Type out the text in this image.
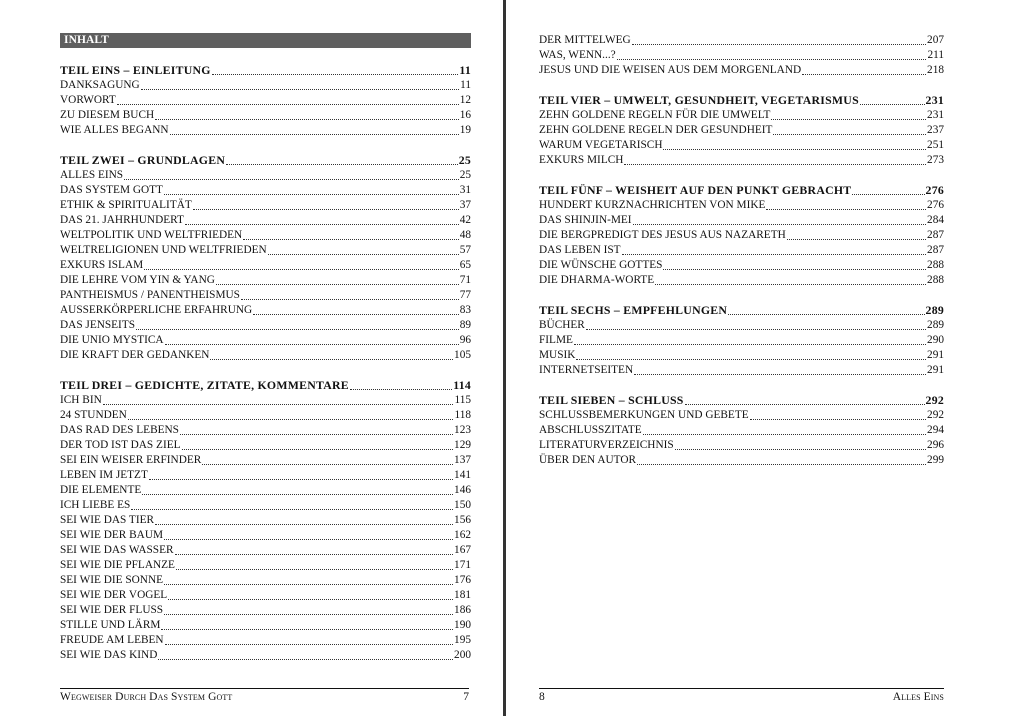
INHALT
TEIL EINS – EINLEITUNG	11
DANKSAGUNG	11
VORWORT	12
ZU DIESEM BUCH	16
WIE ALLES BEGANN	19
TEIL ZWEI – GRUNDLAGEN	25
ALLES EINS	25
DAS SYSTEM GOTT	31
ETHIK & SPIRITUALITÄT	37
DAS 21. JAHRHUNDERT	42
WELTPOLITIK UND WELTFRIEDEN	48
WELTRELIGIONEN UND WELTFRIEDEN	57
EXKURS ISLAM	65
DIE LEHRE VOM YIN & YANG	71
PANTHEISMUS / PANENTHEISMUS	77
AUSSERKÖRPERLICHE ERFAHRUNG	83
DAS JENSEITS	89
DIE UNIO MYSTICA	96
DIE KRAFT DER GEDANKEN	105
TEIL DREI – GEDICHTE, ZITATE, KOMMENTARE	114
ICH BIN	115
24 STUNDEN	118
DAS RAD DES LEBENS	123
DER TOD IST DAS ZIEL	129
SEI EIN WEISER ERFINDER	137
LEBEN IM JETZT	141
DIE ELEMENTE	146
ICH LIEBE ES	150
SEI WIE DAS TIER	156
SEI WIE DER BAUM	162
SEI WIE DAS WASSER	167
SEI WIE DIE PFLANZE	171
SEI WIE DIE SONNE	176
SEI WIE DER VOGEL	181
SEI WIE DER FLUSS	186
STILLE UND LÄRM	190
FREUDE AM LEBEN	195
SEI WIE DAS KIND	200
Wegweiser Durch Das System Gott	7
DER MITTELWEG	207
WAS, WENN...?	211
JESUS UND DIE WEISEN AUS DEM MORGENLAND	218
TEIL VIER – UMWELT, GESUNDHEIT, VEGETARISMUS	231
ZEHN GOLDENE REGELN FÜR DIE UMWELT	231
ZEHN GOLDENE REGELN DER GESUNDHEIT	237
WARUM VEGETARISCH	251
EXKURS MILCH	273
TEIL FÜNF – WEISHEIT AUF DEN PUNKT GEBRACHT	276
HUNDERT KURZNACHRICHTEN VON MIKE	276
DAS SHINJIN-MEI	284
DIE BERGPREDIGT DES JESUS AUS NAZARETH	287
DAS LEBEN IST	287
DIE WÜNSCHE GOTTES	288
DIE DHARMA-WORTE	288
TEIL SECHS – EMPFEHLUNGEN	289
BÜCHER	289
FILME	290
MUSIK	291
INTERNETSEITEN	291
TEIL SIEBEN – SCHLUSS	292
SCHLUSSBEMERKUNGEN UND GEBETE	292
ABSCHLUSSZITATE	294
LITERATURVERZEICHNIS	296
ÜBER DEN AUTOR	299
8	Alles Eins
